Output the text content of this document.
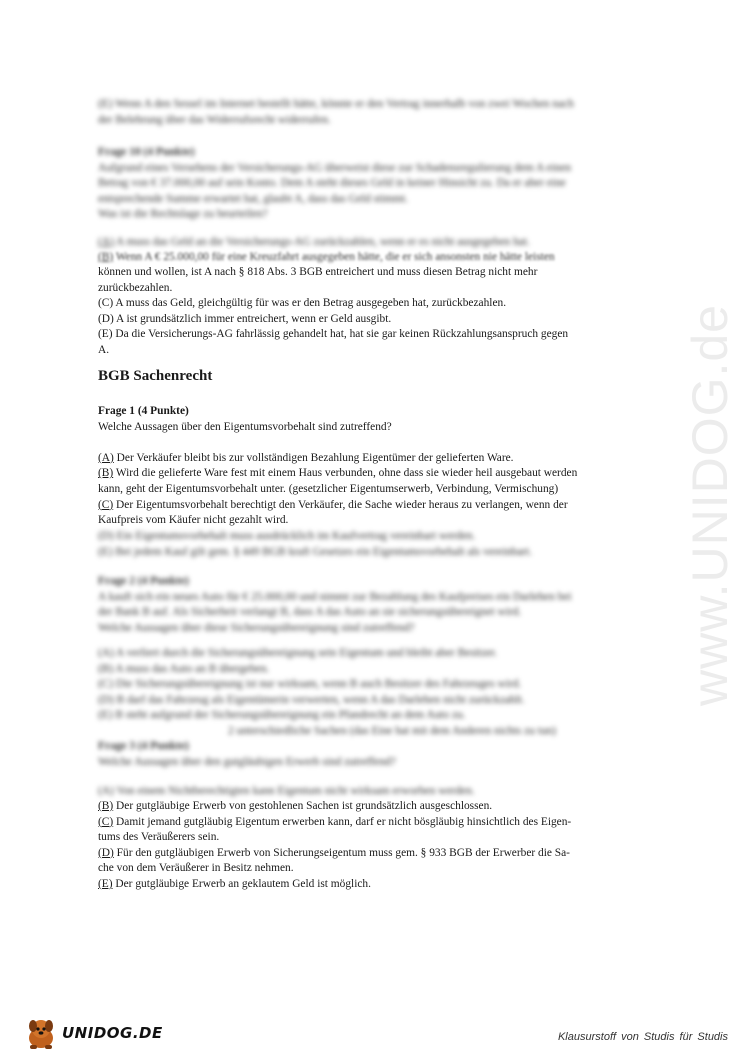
(E) Wenn A den Sessel im Internet bestellt hätte, könnte er den Vertrag innerhalb von zwei Wochen nach
der Belehrung über das Widerrufsrecht widerrufen.
Frage 10 (4 Punkte)
Aufgrund eines Versehens der Versicherungs-AG überweist diese zur Schadensregulierung dem A einen
Betrag von € 37.000,00 auf sein Konto. Dem A steht dieses Geld in keiner Hinsicht zu. Da er aber eine
entsprechende Summe erwartet hat, glaubt A, dass das Geld stimmt.
Was ist die Rechtslage zu beurteilen?
(A) A muss das Geld an die Versicherungs-AG zurückzahlen, wenn er es nicht ausgegeben hat.
(B) Wenn A € 25.000,00 für eine Kreuzfahrt ausgegeben hätte, die er sich ansonsten nie hätte leisten
können und wollen, ist A nach § 818 Abs. 3 BGB entreichert und muss diesen Betrag nicht mehr
zurückbezahlen.
(C) A muss das Geld, gleichgültig für was er den Betrag ausgegeben hat, zurückbezahlen.
(D) A ist grundsätzlich immer entreichert, wenn er Geld ausgibt.
(E) Da die Versicherungs-AG fahrlässig gehandelt hat, hat sie gar keinen Rückzahlungsanspruch gegen
A.
BGB Sachenrecht
Frage 1 (4 Punkte)
Welche Aussagen über den Eigentumsvorbehalt sind zutreffend?
(A) Der Verkäufer bleibt bis zur vollständigen Bezahlung Eigentümer der gelieferten Ware.
(B) Wird die gelieferte Ware fest mit einem Haus verbunden, ohne dass sie wieder heil ausgebaut werden
kann, geht der Eigentumsvorbehalt unter. (gesetzlicher Eigentumserwerb, Verbindung, Vermischung)
(C) Der Eigentumsvorbehalt berechtigt den Verkäufer, die Sache wieder heraus zu verlangen, wenn der
Kaufpreis vom Käufer nicht gezahlt wird.
(D) Ein Eigentumsvorbehalt muss ausdrücklich im Kaufvertrag vereinbart werden.
(E) Bei jedem Kauf gilt gem. § 449 BGB kraft Gesetzes ein Eigentumsvorbehalt als vereinbart.
Frage 2 (4 Punkte)
A kauft sich ein neues Auto für € 25.000,00 und nimmt zur Bezahlung des Kaufpreises ein Darlehen bei
der Bank B auf. Als Sicherheit verlangt B, dass A das Auto an sie sicherungsübereignet wird.
Welche Aussagen über diese Sicherungsübereignung sind zutreffend?
(A) A verliert durch die Sicherungsübereignung sein Eigentum und bleibt aber Besitzer.
(B) A muss das Auto an B übergeben.
(C) Die Sicherungsübereignung ist nur wirksam, wenn B auch Besitzer des Fahrzeuges wird.
(D) B darf das Fahrzeug als Eigentümerin verwerten, wenn A das Darlehen nicht zurückzahlt.
(E) B steht aufgrund der Sicherungsübereignung ein Pfandrecht an dem Auto zu.
2 unterschiedliche Sachen (das Eine hat mit dem Anderen nichts zu tun)
Frage 3 (4 Punkte)
Welche Aussagen über den gutgläubigen Erwerb sind zutreffend?
(A) Von einem Nichtberechtigten kann Eigentum nicht wirksam erworben werden.
(B) Der gutgläubige Erwerb von gestohlenen Sachen ist grundsätzlich ausgeschlossen.
(C) Damit jemand gutgläubig Eigentum erwerben kann, darf er nicht bösgläubig hinsichtlich des Eigen-
tums des Veräußerers sein.
(D) Für den gutgläubigen Erwerb von Sicherungseigentum muss gem. § 933 BGB der Erwerber die Sa-
che von dem Veräußerer in Besitz nehmen.
(E) Der gutgläubige Erwerb an geklautem Geld ist möglich.
www.UNIDOG.de
UNIDOG.DE	Klausurstoff von Studis für Studis
